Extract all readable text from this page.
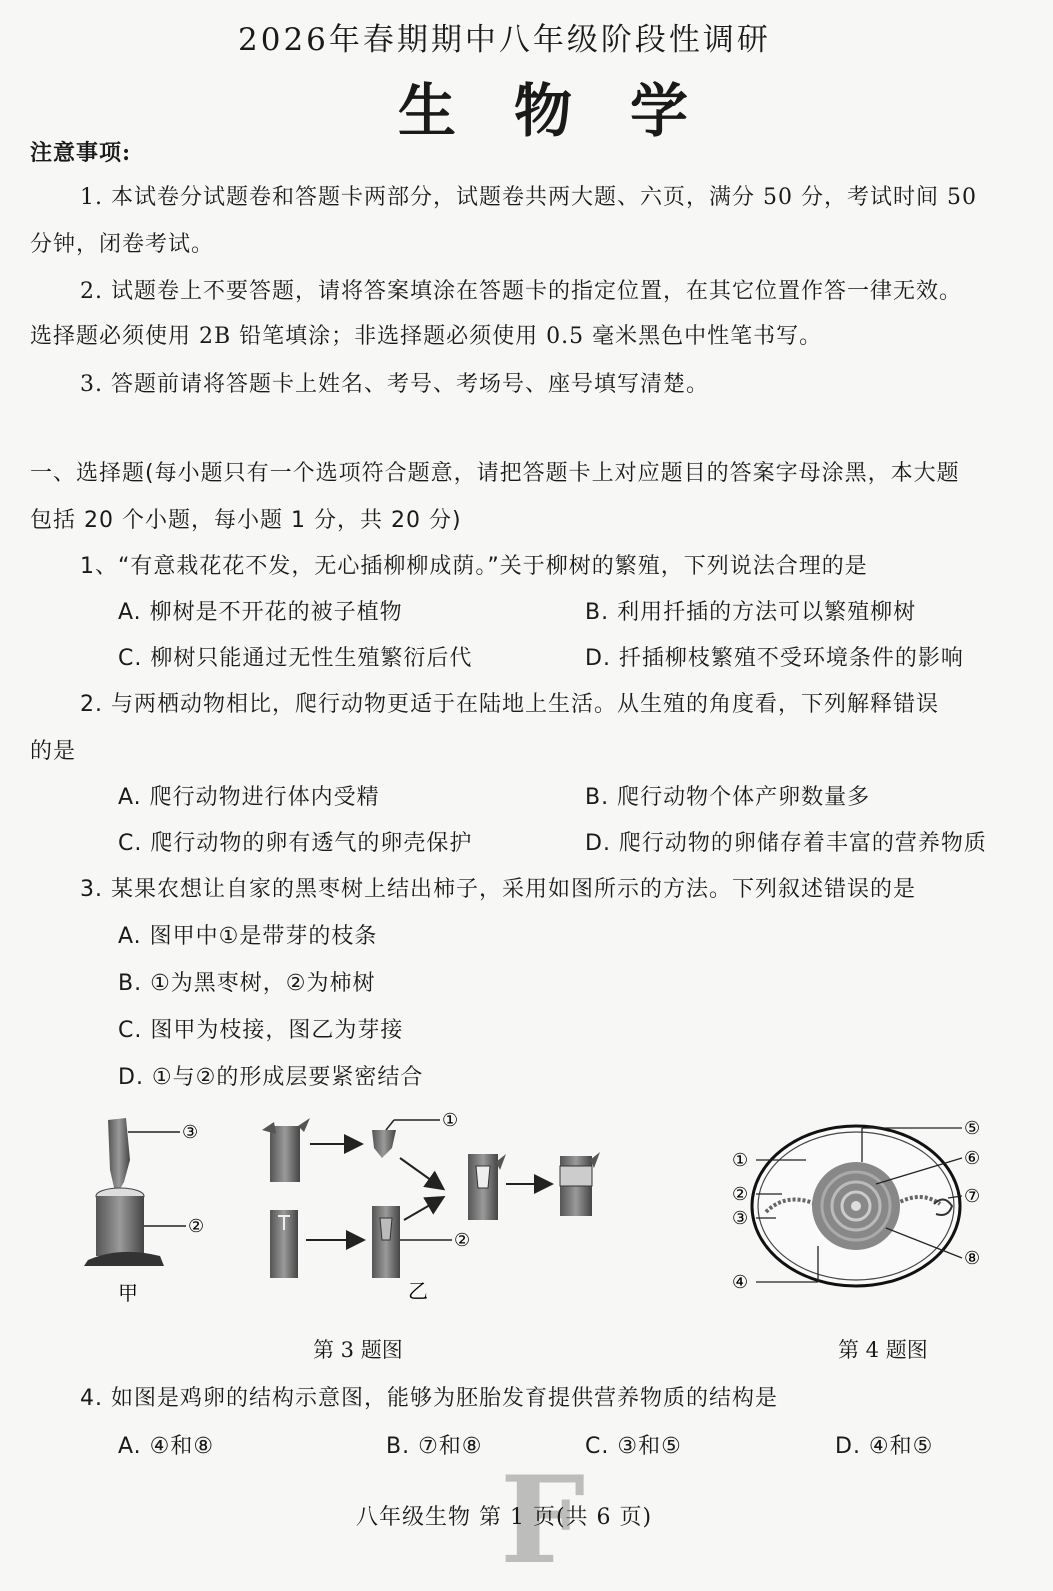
2026年春期期中八年级阶段性调研
生物学
注意事项:
1. 本试卷分试题卷和答题卡两部分，试题卷共两大题、六页，满分 50 分，考试时间 50
分钟，闭卷考试。
2. 试题卷上不要答题，请将答案填涂在答题卡的指定位置，在其它位置作答一律无效。
选择题必须使用 2B 铅笔填涂；非选择题必须使用 0.5 毫米黑色中性笔书写。
3. 答题前请将答题卡上姓名、考号、考场号、座号填写清楚。
一、选择题(每小题只有一个选项符合题意，请把答题卡上对应题目的答案字母涂黑，本大题
包括 20 个小题，每小题 1 分，共 20 分)
1、“有意栽花花不发，无心插柳柳成荫。”关于柳树的繁殖，下列说法合理的是
A. 柳树是不开花的被子植物	B. 利用扦插的方法可以繁殖柳树
C. 柳树只能通过无性生殖繁衍后代	D. 扦插柳枝繁殖不受环境条件的影响
2. 与两栖动物相比，爬行动物更适于在陆地上生活。从生殖的角度看，下列解释错误
的是
A. 爬行动物进行体内受精	B. 爬行动物个体产卵数量多
C. 爬行动物的卵有透气的卵壳保护	D. 爬行动物的卵储存着丰富的营养物质
3. 某果农想让自家的黑枣树上结出柿子，采用如图所示的方法。下列叙述错误的是
A. 图甲中①是带芽的枝条
B. ①为黑枣树，②为柿树
C. 图甲为枝接，图乙为芽接
D. ①与②的形成层要紧密结合
③
②
甲
①
②
乙
①
②
③
④
⑤
⑥
⑦
⑧
第 3 题图	第 4 题图
4. 如图是鸡卵的结构示意图，能够为胚胎发育提供营养物质的结构是
A. ④和⑧	B. ⑦和⑧	C. ③和⑤	D. ④和⑤
F
八年级生物 第 1 页(共 6 页)
